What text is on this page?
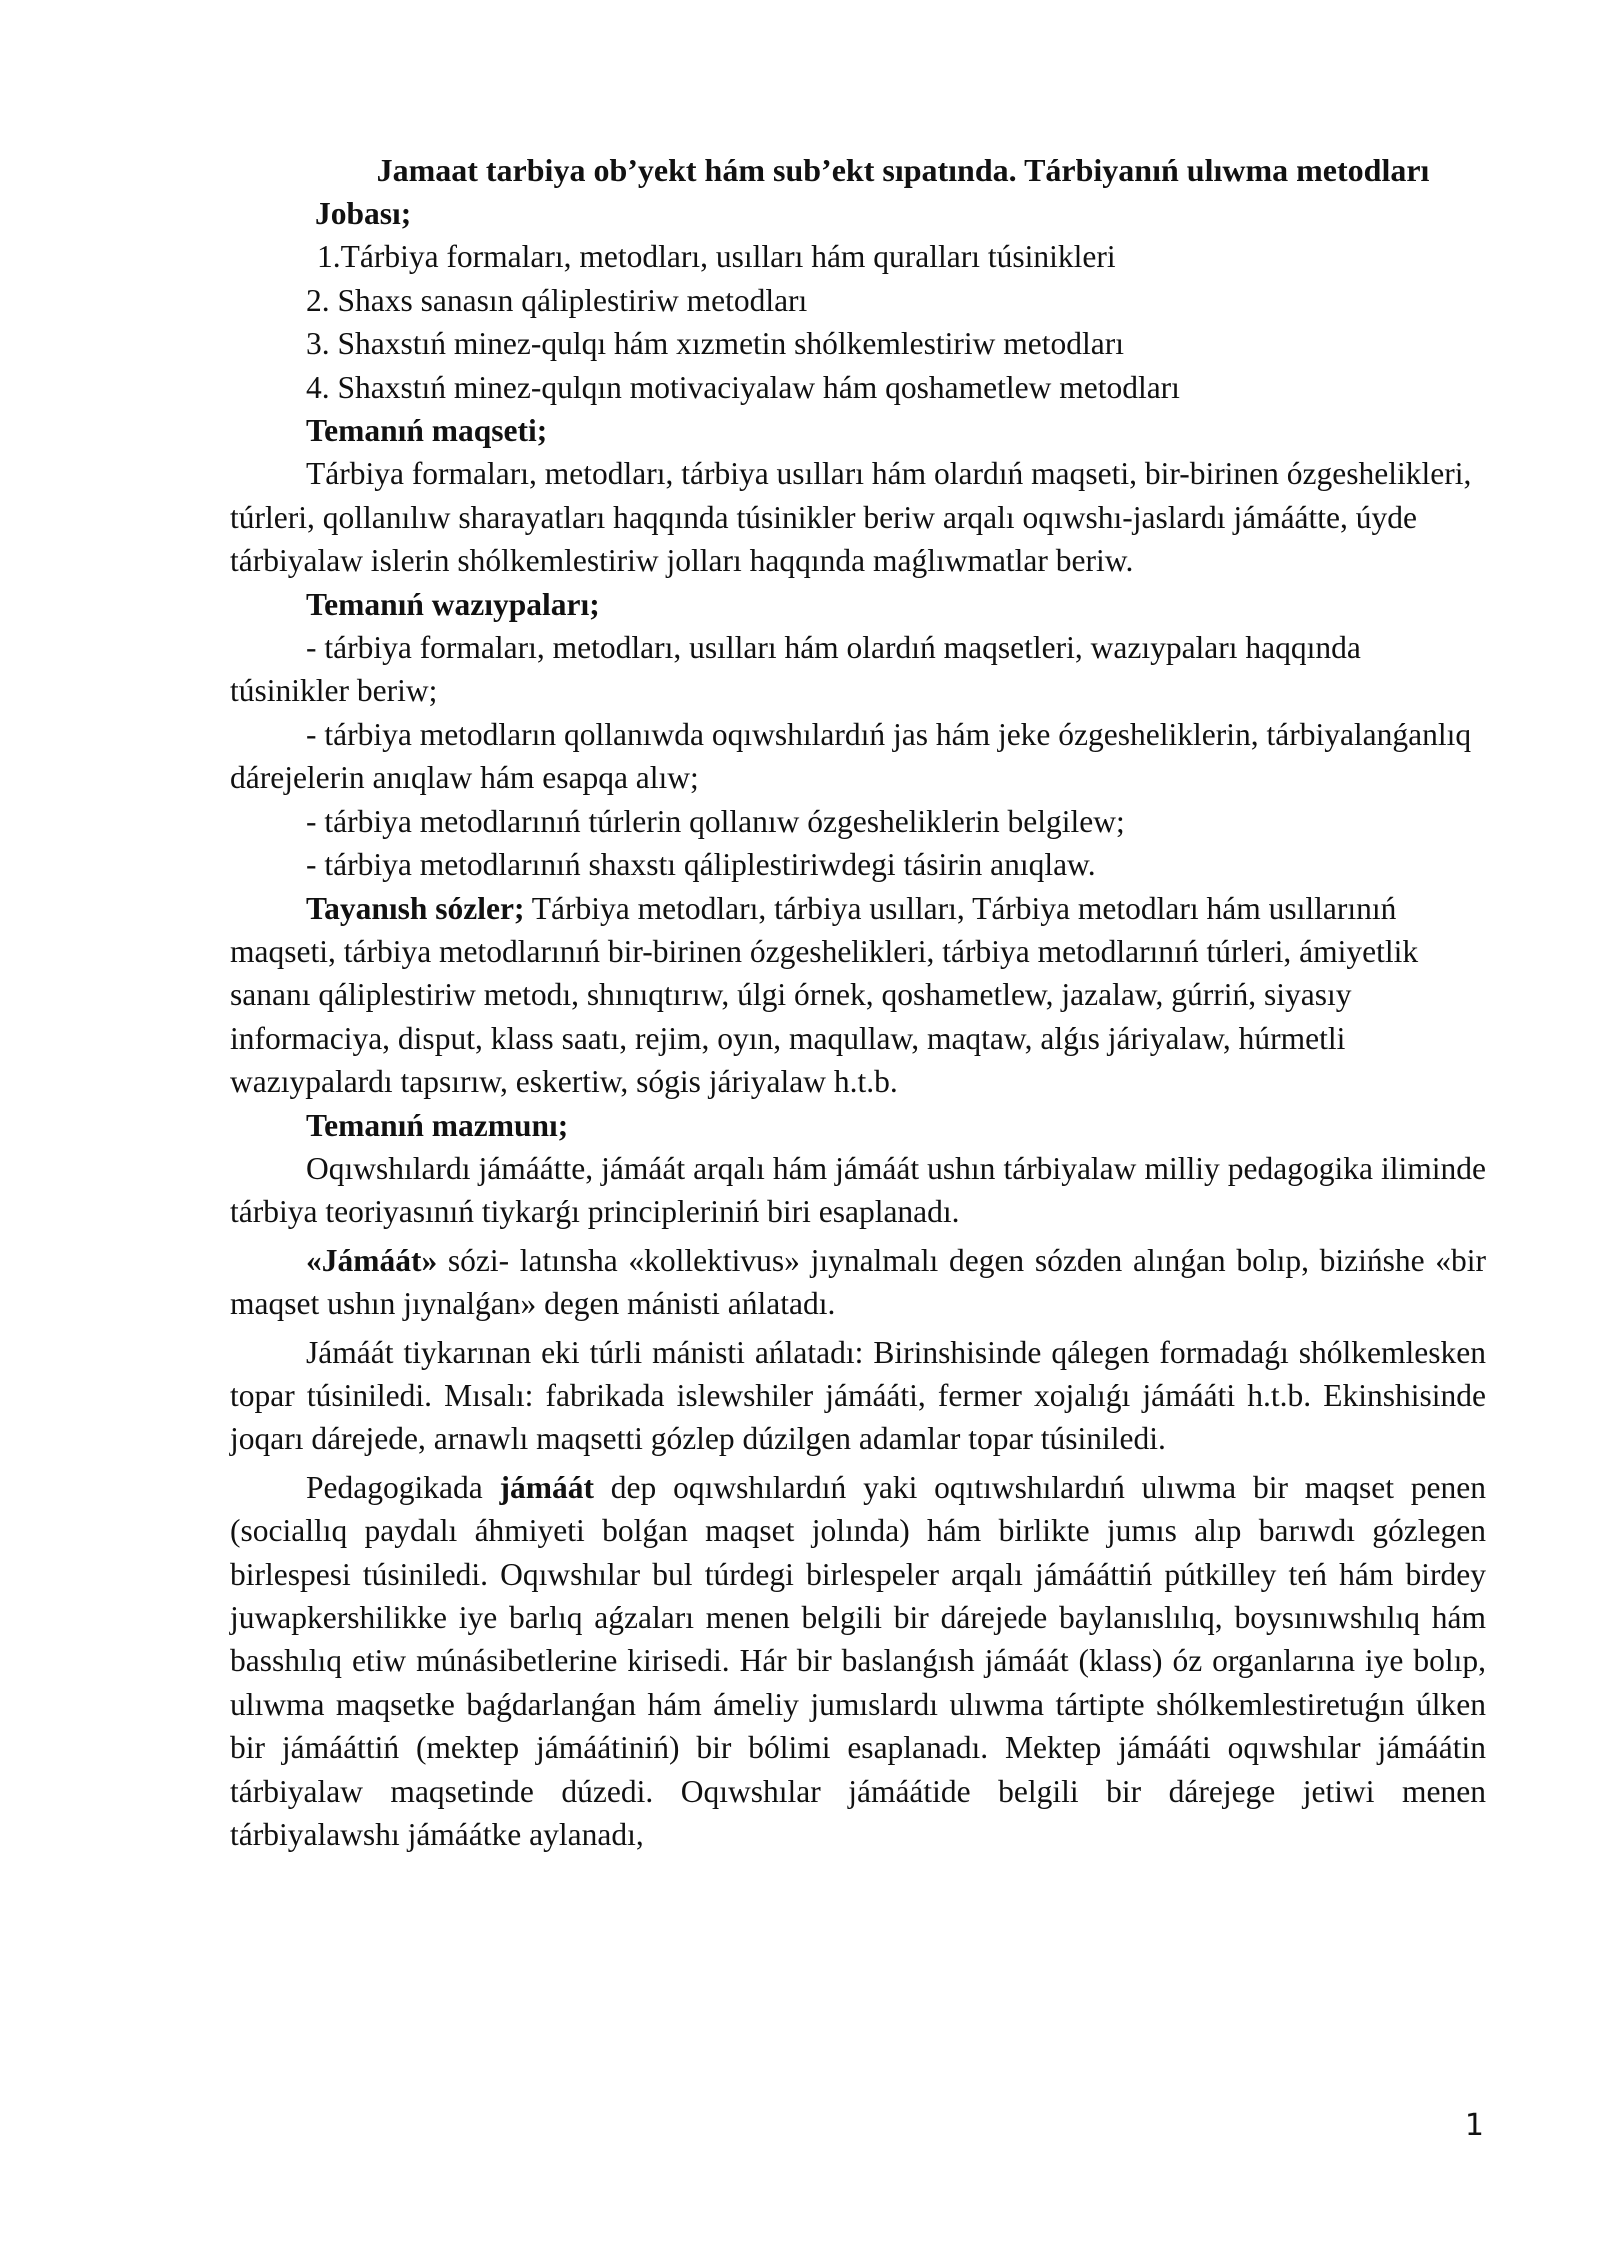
Jamaat tarbiya ob’yekt hám sub’ekt sıpatında. Tárbiyanıń ulıwma metodları

Jobası;

1.Tárbiya formaları, metodları, usılları hám quralları túsinikleri

2. Shaxs sanasın qáliplestiriw metodları

3. Shaxstıń minez-qulqı hám xızmetin shólkemlestiriw metodları

4. Shaxstıń minez-qulqın motivaciyalaw hám qoshametlew metodları

Temanıń maqseti;

Tárbiya formaları, metodları, tárbiya usılları hám olardıń maqseti, bir-birinen ózgeshelikleri, túrleri, qollanılıw sharayatları haqqında túsinikler beriw arqalı oqıwshı-jaslardı jámáátte, úyde tárbiyalaw islerin shólkemlestiriw jolları haqqında maǵlıwmatlar beriw.

Temanıń wazıypaları;

- tárbiya formaları, metodları, usılları hám olardıń maqsetleri, wazıypaları haqqında túsinikler beriw;

- tárbiya metodların qollanıwda oqıwshılardıń jas hám jeke ózgesheliklerin, tárbiyalanǵanlıq dárejelerin anıqlaw hám esapqa alıw;

- tárbiya metodlarınıń túrlerin qollanıw ózgesheliklerin belgilew;

- tárbiya metodlarınıń shaxstı qáliplestiriwdegi tásirin anıqlaw.

Tayanısh sózler; Tárbiya metodları, tárbiya usılları, Tárbiya metodları hám usıllarınıń maqseti, tárbiya metodlarınıń bir-birinen ózgeshelikleri, tárbiya metodlarınıń túrleri, ámiyetlik sananı qáliplestiriw metodı, shınıqtırıw, úlgi órnek, qoshametlew, jazalaw, gúrriń, siyasıy informaciya, disput, klass saatı, rejim, oyın, maqullaw, maqtaw, alǵıs járiyalaw, húrmetli wazıypalardı tapsırıw, eskertiw, sógis járiyalaw h.t.b.

Temanıń mazmunı;

Oqıwshılardı jámáátte, jámáát arqalı hám jámáát ushın tárbiyalaw milliy pedagogika iliminde tárbiya teoriyasınıń tiykarǵı principleriniń biri esaplanadı.

«Jámáát» sózi- latınsha «kollektivus» jıynalmalı degen sózden alınǵan bolıp, bizińshe «bir maqset ushın jıynalǵan» degen mánisti ańlatadı.

Jámáát tiykarınan eki túrli mánisti ańlatadı: Birinshisinde qálegen formadaǵı shólkemlesken topar túsiniledi. Mısalı: fabrikada islewshiler jámááti, fermer xojalıǵı jámááti h.t.b. Ekinshisinde joqarı dárejede, arnawlı maqsetti gózlep dúzilgen adamlar topar túsiniledi.

Pedagogikada jámáát dep oqıwshılardıń yaki oqıtıwshılardıń ulıwma bir maqset penen (sociallıq paydalı áhmiyeti bolǵan maqset jolında) hám birlikte jumıs alıp barıwdı gózlegen birlespesi túsiniledi. Oqıwshılar bul túrdegi birlespeler arqalı jámááttiń pútkilley teń hám birdey juwapkershilikke iye barlıq aǵzaları menen belgili bir dárejede baylanıslılıq, boysınıwshılıq hám basshılıq etiw múnásibetlerine kirisedi. Hár bir baslanǵısh jámáát (klass) óz organlarına iye bolıp, ulıwma maqsetke baǵdarlanǵan hám ámeliy jumıslardı ulıwma tártipte shólkemlestiretuǵın úlken bir jámááttiń (mektep jámáátiniń) bir bólimi esaplanadı. Mektep jámááti oqıwshılar jámáátin tárbiyalaw maqsetinde dúzedi. Oqıwshılar jámáátide belgili bir dárejege jetiwi menen tárbiyalawshı jámáátke aylanadı,

1
